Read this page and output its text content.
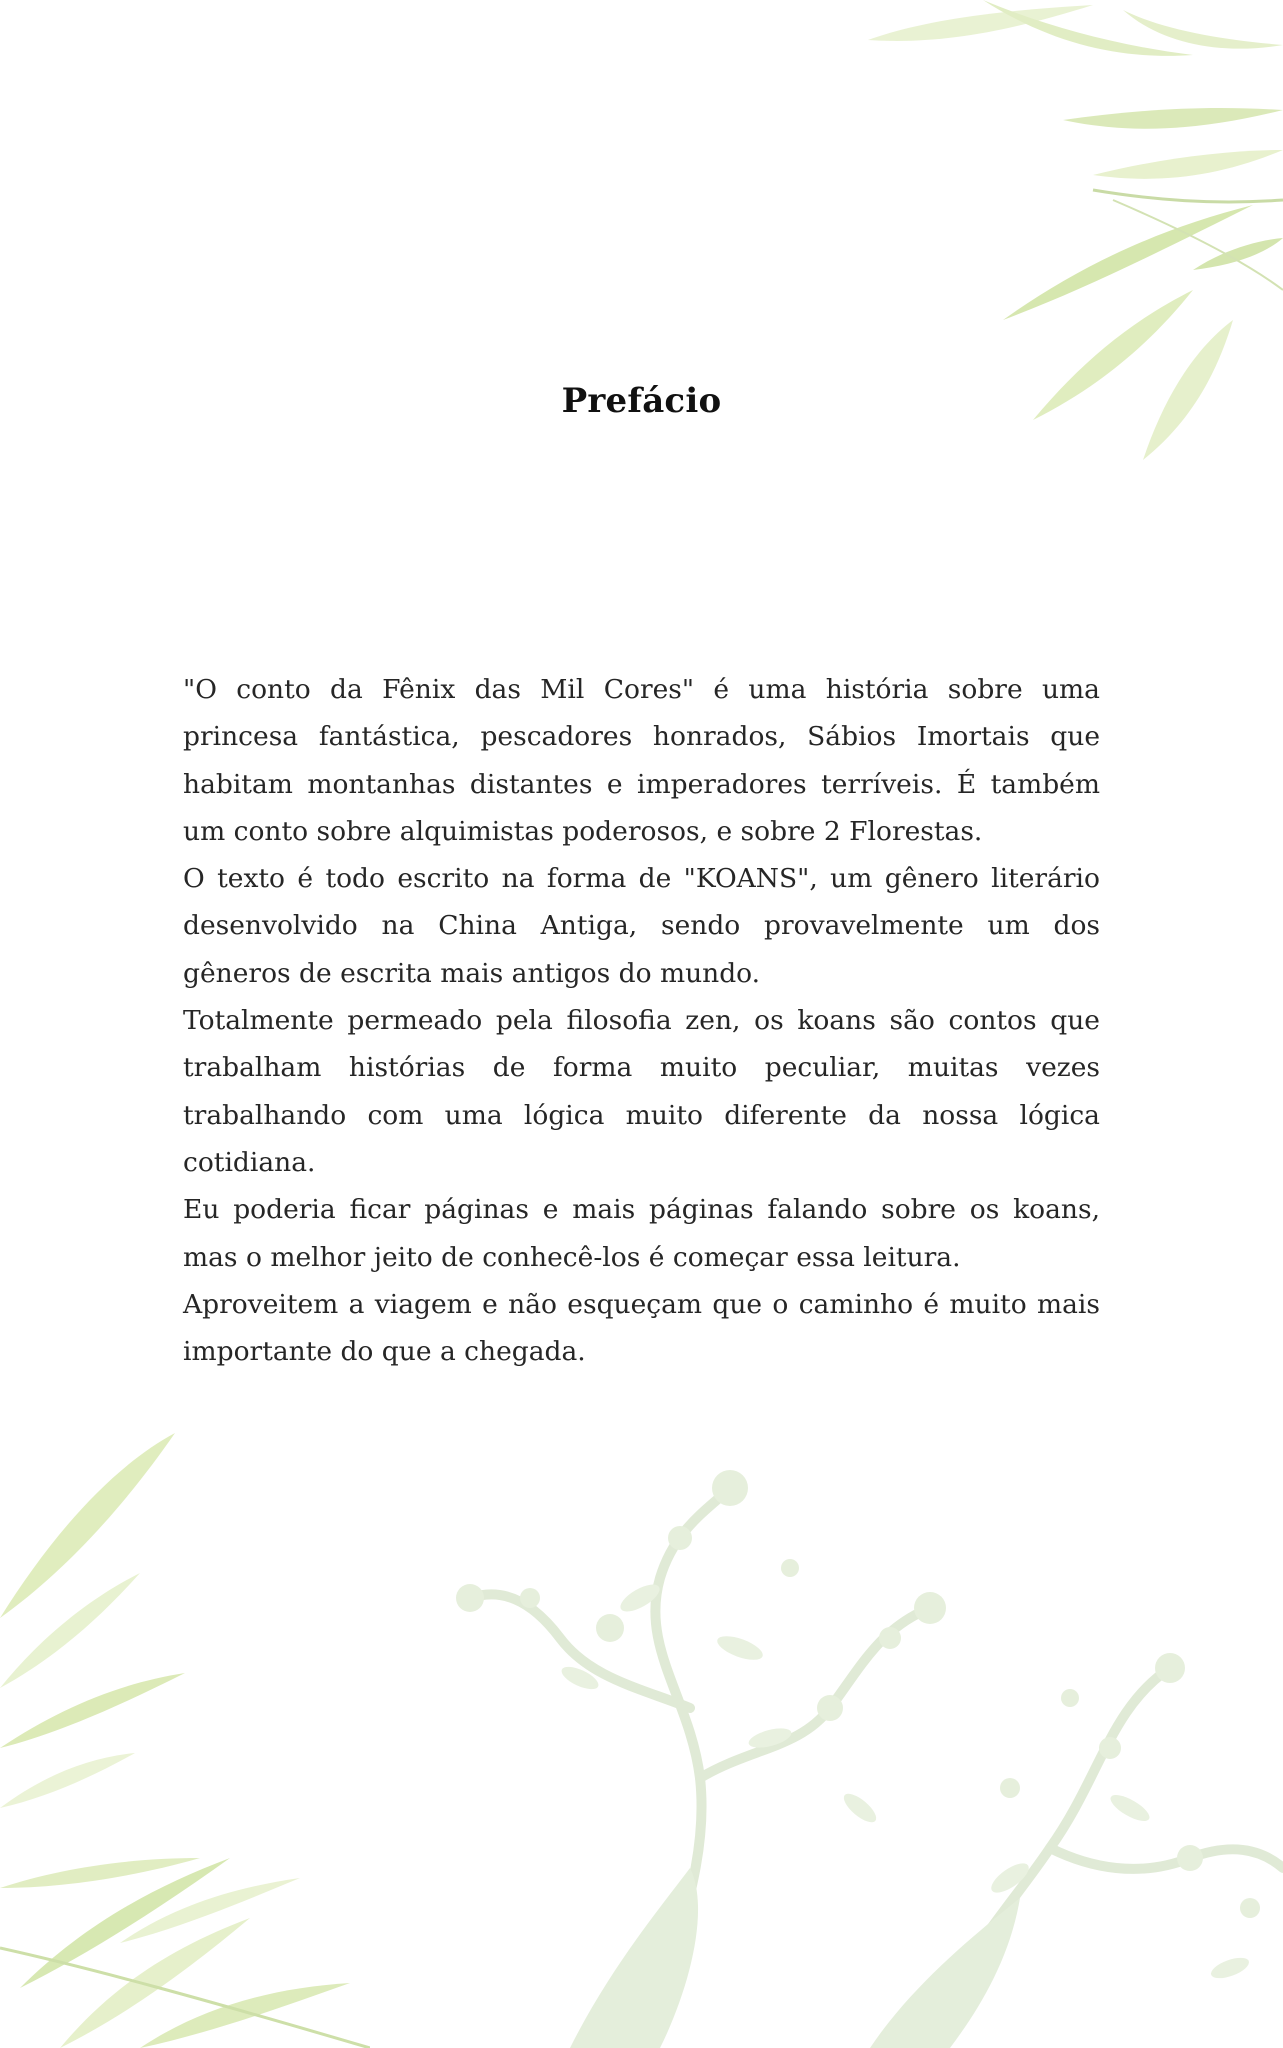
Prefácio

"O conto da Fênix das Mil Cores" é uma história sobre uma princesa fantástica, pescadores honrados, Sábios Imortais que habitam montanhas distantes e imperadores terríveis. É também um conto sobre alquimistas poderosos, e sobre 2 Florestas.

O texto é todo escrito na forma de "KOANS", um gênero literário desenvolvido na China Antiga, sendo provavelmente um dos gêneros de escrita mais antigos do mundo.

Totalmente permeado pela filosofia zen, os koans são contos que trabalham histórias de forma muito peculiar, muitas vezes trabalhando com uma lógica muito diferente da nossa lógica cotidiana.

Eu poderia ficar páginas e mais páginas falando sobre os koans, mas o melhor jeito de conhecê-los é começar essa leitura.

Aproveitem a viagem e não esqueçam que o caminho é muito mais importante do que a chegada.
